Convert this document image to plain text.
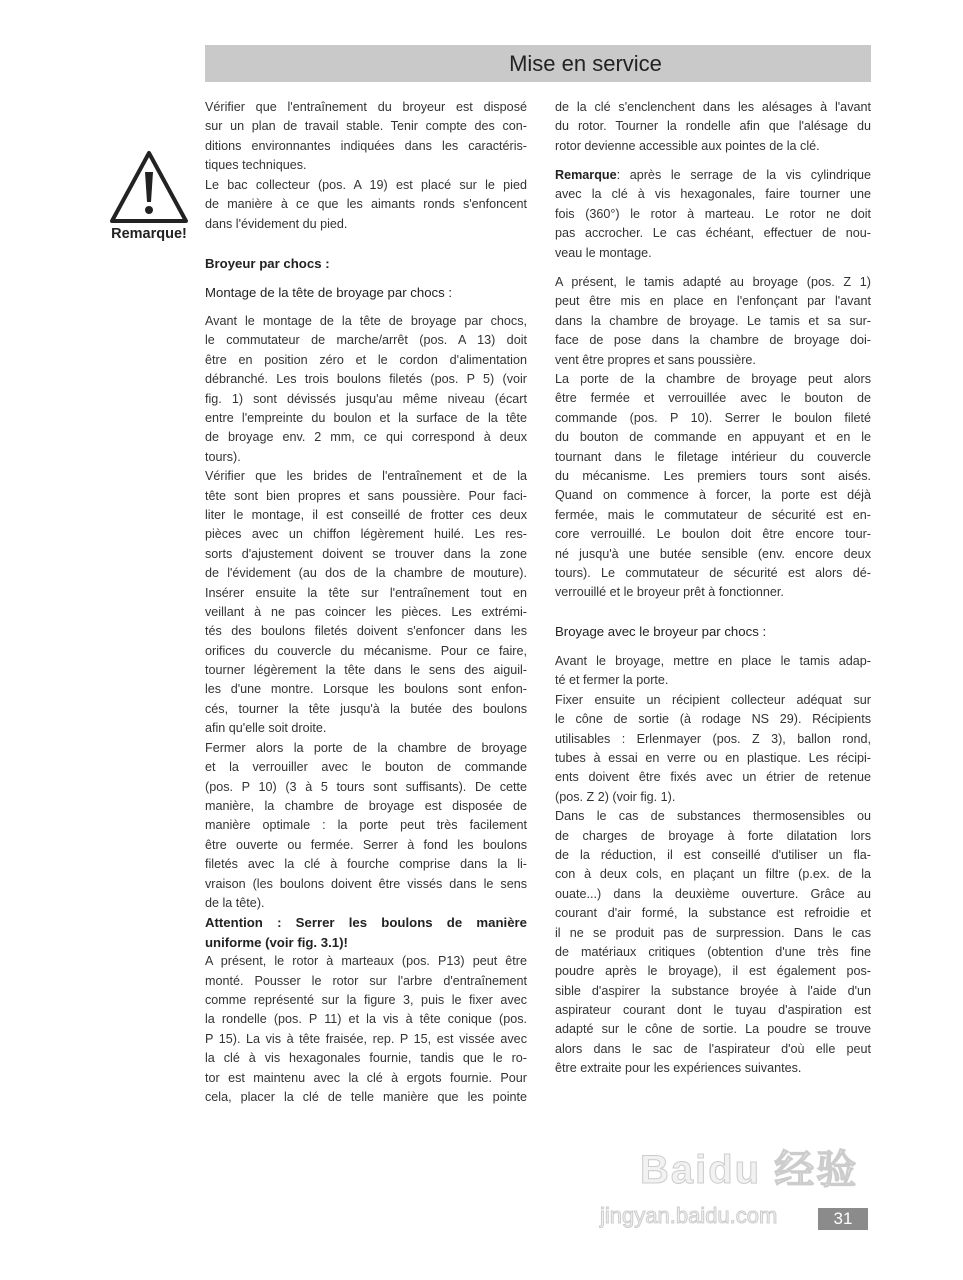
Mise en service
Remarque!
Vérifier que l'entraînement du broyeur est disposé
sur un plan de travail stable. Tenir compte des con-
ditions environnantes indiquées dans les caractéris-
tiques techniques.
Le bac collecteur (pos. A 19) est placé sur le pied
de manière à ce que les aimants ronds s'enfoncent
dans l'évidement du pied.
Broyeur par chocs :
Montage de la tête de broyage par chocs :
Avant le montage de la tête de broyage par chocs,
le commutateur de marche/arrêt (pos. A 13) doit
être en position zéro et le cordon d'alimentation
débranché. Les trois boulons filetés (pos. P 5) (voir
fig. 1) sont dévissés jusqu'au même niveau (écart
entre l'empreinte du boulon et la surface de la tête
de broyage env. 2 mm, ce qui correspond à deux
tours).
Vérifier que les brides de l'entraînement et de la
tête sont bien propres et sans poussière. Pour faci-
liter le montage, il est conseillé de frotter ces deux
pièces avec un chiffon légèrement huilé. Les res-
sorts d'ajustement doivent se trouver dans la zone
de l'évidement (au dos de la chambre de mouture).
Insérer ensuite la tête sur l'entraînement tout en
veillant à ne pas coincer les pièces. Les extrémi-
tés des boulons filetés doivent s'enfoncer dans les
orifices du couvercle du mécanisme. Pour ce faire,
tourner légèrement la tête dans le sens des aiguil-
les d'une montre. Lorsque les boulons sont enfon-
cés, tourner la tête jusqu'à la butée des boulons
afin qu'elle soit droite.
Fermer alors la porte de la chambre de broyage
et la verrouiller avec le bouton de commande
(pos. P 10) (3 à 5 tours sont suffisants). De cette
manière, la chambre de broyage est disposée de
manière optimale : la porte peut très facilement
être ouverte ou fermée. Serrer à fond les boulons
filetés avec la clé à fourche comprise dans la li-
vraison (les boulons doivent être vissés dans le sens
de la tête).
Attention : Serrer les boulons de manière
uniforme (voir fig. 3.1)!
A présent, le rotor à marteaux (pos. P13) peut être
monté. Pousser le rotor sur l'arbre d'entraînement
comme représenté sur la figure 3, puis le fixer avec
la rondelle (pos. P 11) et la vis à tête conique (pos.
P 15). La vis à tête fraisée, rep. P 15, est vissée avec
la clé à vis hexagonales fournie, tandis que le ro-
tor est maintenu avec la clé à ergots fournie. Pour
cela, placer la clé de telle manière que les pointe
de la clé s'enclenchent dans les alésages à l'avant
du rotor. Tourner la rondelle afin que l'alésage du
rotor devienne accessible aux pointes de la clé.
Remarque: après le serrage de la vis cylindrique
avec la clé à vis hexagonales, faire tourner une
fois (360°) le rotor à marteau. Le rotor ne doit
pas accrocher. Le cas échéant, effectuer de nou-
veau le montage.
A présent, le tamis adapté au broyage (pos. Z 1)
peut être mis en place en l'enfonçant par l'avant
dans la chambre de broyage. Le tamis et sa sur-
face de pose dans la chambre de broyage doi-
vent être propres et sans poussière.
La porte de la chambre de broyage peut alors
être fermée et verrouillée avec le bouton de
commande (pos. P 10). Serrer le boulon fileté
du bouton de commande en appuyant et en le
tournant dans le filetage intérieur du couvercle
du mécanisme. Les premiers tours sont aisés.
Quand on commence à forcer, la porte est déjà
fermée, mais le commutateur de sécurité est en-
core verrouillé. Le boulon doit être encore tour-
né jusqu'à une butée sensible (env. encore deux
tours). Le commutateur de sécurité est alors dé-
verrouillé et le broyeur prêt à fonctionner.
Broyage avec le broyeur par chocs :
Avant le broyage, mettre en place le tamis adap-
té et fermer la porte.
Fixer ensuite un récipient collecteur adéquat sur
le cône de sortie (à rodage NS 29). Récipients
utilisables : Erlenmayer (pos. Z 3), ballon rond,
tubes à essai en verre ou en plastique. Les récipi-
ents doivent être fixés avec un étrier de retenue
(pos. Z 2) (voir fig. 1).
Dans le cas de substances thermosensibles ou
de charges de broyage à forte dilatation lors
de la réduction, il est conseillé d'utiliser un fla-
con à deux cols, en plaçant un filtre (p.ex. de la
ouate...) dans la deuxième ouverture. Grâce au
courant d'air formé, la substance est refroidie et
il ne se produit pas de surpression. Dans le cas
de matériaux critiques (obtention d'une très fine
poudre après le broyage), il est également pos-
sible d'aspirer la substance broyée à l'aide d'un
aspirateur courant dont le tuyau d'aspiration est
adapté sur le cône de sortie. La poudre se trouve
alors dans le sac de l'aspirateur d'où elle peut
être extraite pour les expériences suivantes.
Baidu 经验
jingyan.baidu.com	31
